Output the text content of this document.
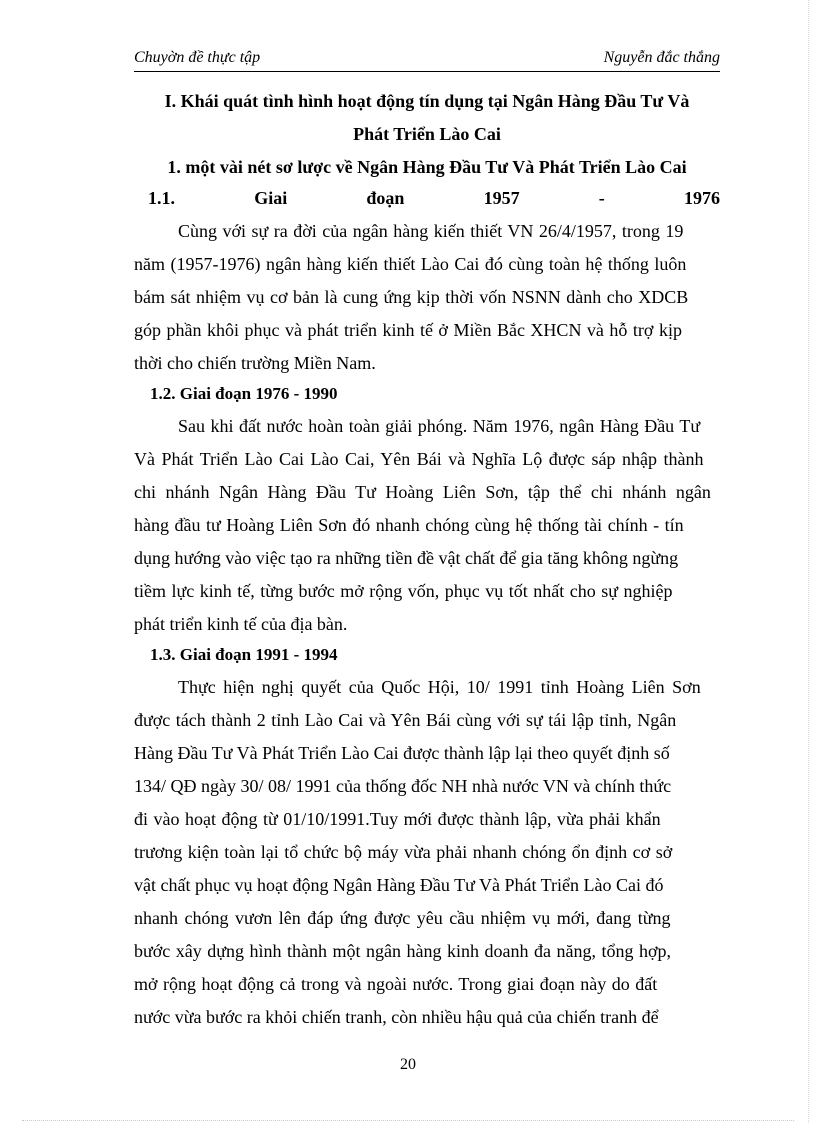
Chuyờn đề thực tập	Nguyễn đắc thắng
I. Khái quát tình hình hoạt động tín dụng tại Ngân Hàng Đầu Tư Và
Phát Triển Lào Cai
1. một vài nét sơ lược về Ngân Hàng Đầu Tư Và Phát Triển Lào Cai
1.1.	Giai	đoạn	1957	-	1976
Cùng với sự ra đời của ngân hàng kiến thiết VN 26/4/1957, trong 19
năm (1957-1976) ngân hàng kiến thiết Lào Cai đó cùng toàn hệ thống luôn
bám sát nhiệm vụ cơ bản là cung ứng kịp thời vốn NSNN dành cho XDCB
góp phần khôi phục và phát triển kinh tế ở Miền Bắc XHCN và hỗ trợ kịp
thời cho chiến trường Miền Nam.
1.2. Giai đoạn 1976 - 1990
Sau khi đất nước hoàn toàn giải phóng. Năm 1976, ngân Hàng Đầu Tư
Và Phát Triển Lào Cai Lào Cai, Yên Bái và Nghĩa Lộ được sáp nhập thành
chi nhánh Ngân Hàng Đầu Tư Hoàng Liên Sơn, tập thể chi nhánh ngân
hàng đầu tư Hoàng Liên Sơn đó nhanh chóng cùng hệ thống tài chính - tín
dụng hướng vào việc tạo ra những tiền đề vật chất để gia tăng không ngừng
tiềm lực kinh tế, từng bước mở rộng vốn, phục vụ tốt nhất cho sự nghiệp
phát triển kinh tế của địa bàn.
1.3. Giai đoạn 1991 - 1994
Thực hiện nghị quyết của Quốc Hội, 10/ 1991 tỉnh Hoàng Liên Sơn
được tách thành 2 tỉnh Lào Cai và Yên Bái cùng với sự tái lập tỉnh, Ngân
Hàng Đầu Tư Và Phát Triển Lào Cai được thành lập lại theo quyết định số
134/ QĐ ngày 30/ 08/ 1991 của thống đốc NH nhà nước VN và chính thức
đi vào hoạt động từ 01/10/1991.Tuy mới được thành lập, vừa phải khẩn
trương kiện toàn lại tổ chức bộ máy vừa phải nhanh chóng ổn định cơ sở
vật chất phục vụ hoạt động Ngân Hàng Đầu Tư Và Phát Triển Lào Cai đó
nhanh chóng vươn lên đáp ứng được yêu cầu nhiệm vụ mới, đang từng
bước xây dựng hình thành một ngân hàng kinh doanh đa năng, tổng hợp,
mở rộng hoạt động cả trong và ngoài nước. Trong giai đoạn này do đất
nước vừa bước ra khỏi chiến tranh, còn nhiều hậu quả của chiến tranh để
20
